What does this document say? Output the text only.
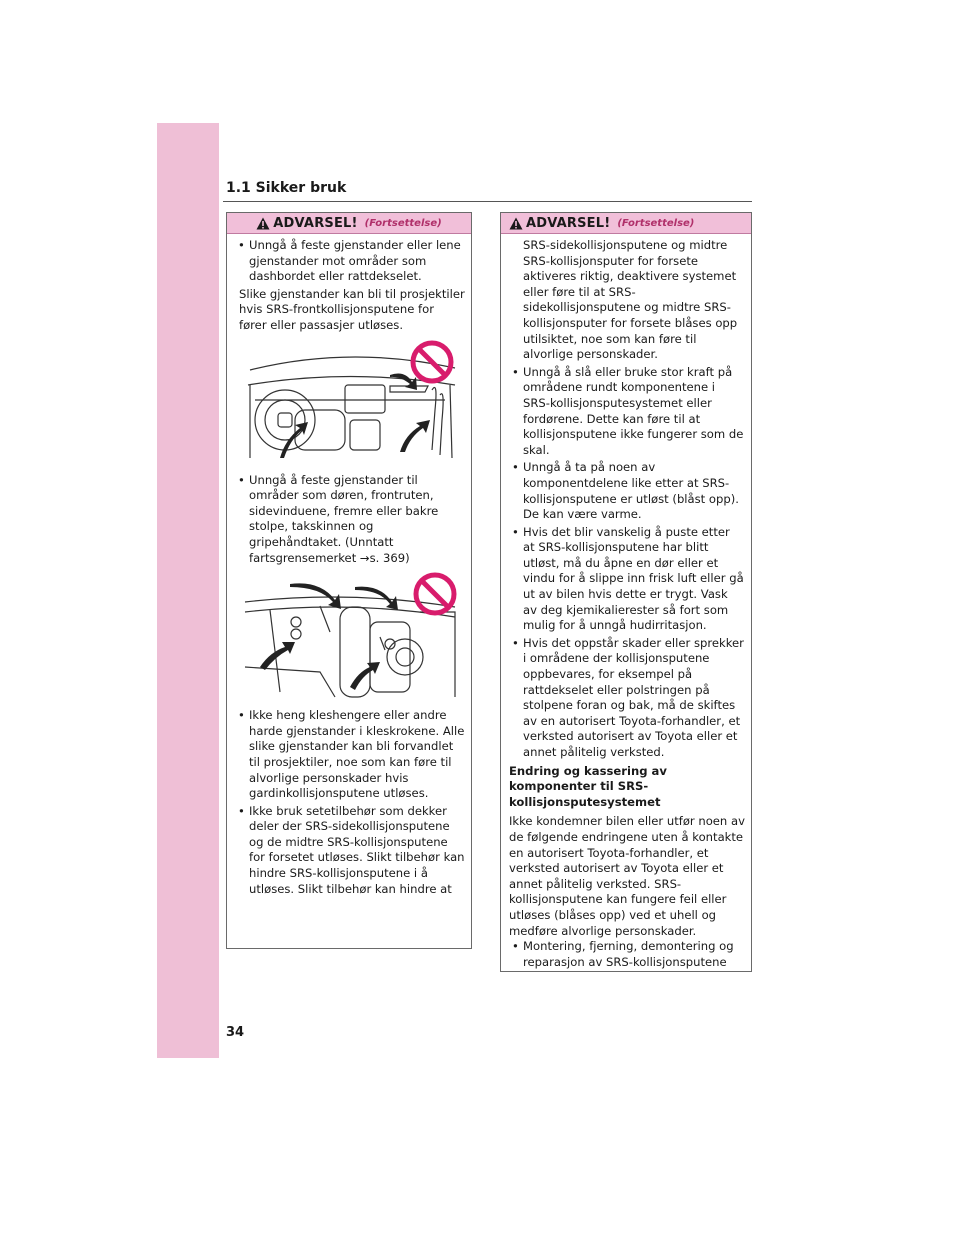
1.1 Sikker bruk
ADVARSEL! (Fortsettelse)
• Unngå å feste gjenstander eller lene gjenstander mot områder som dashbordet eller rattdekselet.
Slike gjenstander kan bli til prosjektiler hvis SRS-frontkollisjonsputene for fører eller passasjer utløses.
• Unngå å feste gjenstander til områder som døren, frontruten, sidevinduene, fremre eller bakre stolpe, takskinnen og gripehåndtaket. (Unntatt fartsgrensemerket →s. 369)
• Ikke heng kleshengere eller andre harde gjenstander i kleskrokene. Alle slike gjenstander kan bli forvandlet til prosjektiler, noe som kan føre til alvorlige personskader hvis gardinkollisjonsputene utløses.
• Ikke bruk setetilbehør som dekker deler der SRS-sidekollisjonsputene og de midtre SRS-kollisjonsputene for forsetet utløses. Slikt tilbehør kan hindre SRS-kollisjonsputene i å utløses. Slikt tilbehør kan hindre at
ADVARSEL! (Fortsettelse)
SRS-sidekollisjonsputene og midtre SRS-kollisjonsputer for forsete aktiveres riktig, deaktivere systemet eller føre til at SRS-sidekollisjonsputene og midtre SRS-kollisjonsputer for forsete blåses opp utilsiktet, noe som kan føre til alvorlige personskader.
• Unngå å slå eller bruke stor kraft på områdene rundt komponentene i SRS-kollisjonsputesystemet eller fordørene. Dette kan føre til at kollisjonsputene ikke fungerer som de skal.
• Unngå å ta på noen av komponentdelene like etter at SRS-kollisjonsputene er utløst (blåst opp). De kan være varme.
• Hvis det blir vanskelig å puste etter at SRS-kollisjonsputene har blitt utløst, må du åpne en dør eller et vindu for å slippe inn frisk luft eller gå ut av bilen hvis dette er trygt. Vask av deg kjemikalierester så fort som mulig for å unngå hudirritasjon.
• Hvis det oppstår skader eller sprekker i områdene der kollisjonsputene oppbevares, for eksempel på rattdekselet eller polstringen på stolpene foran og bak, må de skiftes av en autorisert Toyota-forhandler, et verksted autorisert av Toyota eller et annet pålitelig verksted.
Endring og kassering av komponenter til SRS-kollisjonsputesystemet

Ikke kondemner bilen eller utfør noen av de følgende endringene uten å kontakte en autorisert Toyota-forhandler, et verksted autorisert av Toyota eller et annet pålitelig verksted. SRS-kollisjonsputene kan fungere feil eller utløses (blåses opp) ved et uhell og medføre alvorlige personskader.

• Montering, fjerning, demontering og reparasjon av SRS-kollisjonsputene
34
